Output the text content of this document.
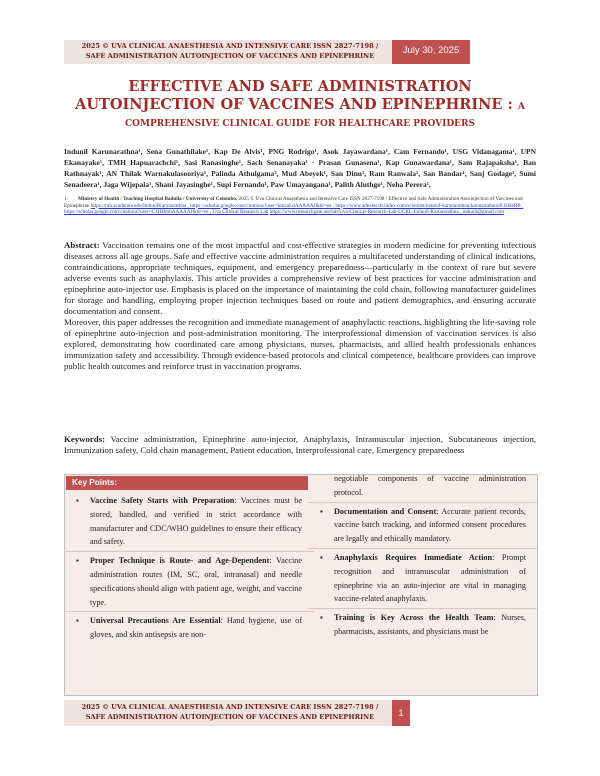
2025 © UVA CLINICAL ANAESTHESIA AND INTENSIVE CARE ISSN 2827-7198 /
SAFE ADMINISTRATION AUTOINJECTION OF VACCINES AND EPINEPHRINE	July 30, 2025
EFFECTIVE AND SAFE ADMINISTRATION
AUTOINJECTION OF VACCINES AND EPINEPHRINE : A
COMPREHENSIVE CLINICAL GUIDE FOR HEALTHCARE PROVIDERS
Indunil Karunarathna¹, Sena Gunathilake¹, Kap De Alvis¹, PNG Rodrigo¹, Asok Jayawardana¹, Cam Fernando¹, USG Vidanagama¹, UPN Ekanayake¹, TMH Hapuarachchi¹, Sasi Ranasinghe¹, Sach Senanayaka¹ · Prasan Gunasena¹, Kap Gunawardana¹, Sam Rajapaksha¹, Ban Rathnayak¹, AN Thilak Warnakulasooriya¹, Palinda Athulgama¹, Mud Abeyek¹, San Dinu¹, Ram Ranwala¹, San Bandar¹, Sanj Godage¹, Sumi Senadeera¹, Jaga Wijepala¹, Shani Jayasinghe¹, Supi Fernando¹, Paw Umayangana¹, Palith Aluthge¹, Neha Perera¹,
1. Ministry of Health / Teaching Hospital Badulla / University of Colombo. 2025 © Uva Clinical Anaesthesia and Intensive Care ISSN 2827-7198 / Effective and Safe Administration Autoinjection of Vaccines and Epinephrine https://ruh.academia.edu/IndunilKarunarathna , https://scholar.google.com/citations?user=kmcaLdAAAAAJ&hl=en , https://www.adexter.ifr.index.com/scientist/indunil-karunarathna/karunarathna/K11BeRB , https://scholar.google.com/citations?user=C1HHmbAAAAAJ&hl=en , Uva Clinical Research Lab https://www.researchgate.net/lab/Uva-Clinical-Research-Lab-UCRL-Indunil-Karunarathna , indunil@gmail.com

Abstract: Vaccination remains one of the most impactful and cost-effective strategies in modern medicine for preventing infectious diseases across all age groups. Safe and effective vaccine administration requires a multifaceted understanding of clinical indications, contraindications, appropriate techniques, equipment, and emergency preparedness—particularly in the context of rare but severe adverse events such as anaphylaxis. This article provides a comprehensive review of best practices for vaccine administration and epinephrine auto-injector use. Emphasis is placed on the importance of maintaining the cold chain, following manufacturer guidelines for storage and handling, employing proper injection techniques based on route and patient demographics, and ensuring accurate documentation and consent.

Moreover, this paper addresses the recognition and immediate management of anaphylactic reactions, highlighting the life-saving role of epinephrine auto-injection and post-administration monitoring. The interprofessional dimension of vaccination services is also explored, demonstrating how coordinated care among physicians, nurses, pharmacists, and allied health professionals enhances immunization safety and accessibility. Through evidence-based protocols and clinical competence, healthcare providers can improve public health outcomes and reinforce trust in vaccination programs.

Keywords: Vaccine administration, Epinephrine auto-injector, Anaphylaxis, Intramuscular injection, Subcutaneous injection, Immunization safety, Cold chain management, Patient education, Interprofessional care, Emergency preparedness
Key Points:
▪ Vaccine Safety Starts with Preparation: Vaccines must be stored, handled, and verified in strict accordance with manufacturer and CDC/WHO guidelines to ensure their efficacy and safety.
▪ Proper Technique is Route- and Age-Dependent: Vaccine administration routes (IM, SC, oral, intranasal) and needle specifications should align with patient age, weight, and vaccine type.
▪ Universal Precautions Are Essential: Hand hygiene, use of gloves, and skin antisepsis are non-
negotiable components of vaccine administration protocol.
▪ Documentation and Consent: Accurate patient records, vaccine batch tracking, and informed consent procedures are legally and ethically mandatory.
▪ Anaphylaxis Requires Immediate Action: Prompt recognition and intramuscular administration of epinephrine via an auto-injector are vital in managing vaccine-related anaphylaxis.
▪ Training is Key Across the Health Team: Nurses, pharmacists, assistants, and physicians must be
1
2025 © UVA CLINICAL ANAESTHESIA AND INTENSIVE CARE ISSN 2827-7198 /
SAFE ADMINISTRATION AUTOINJECTION OF VACCINES AND EPINEPHRINE
